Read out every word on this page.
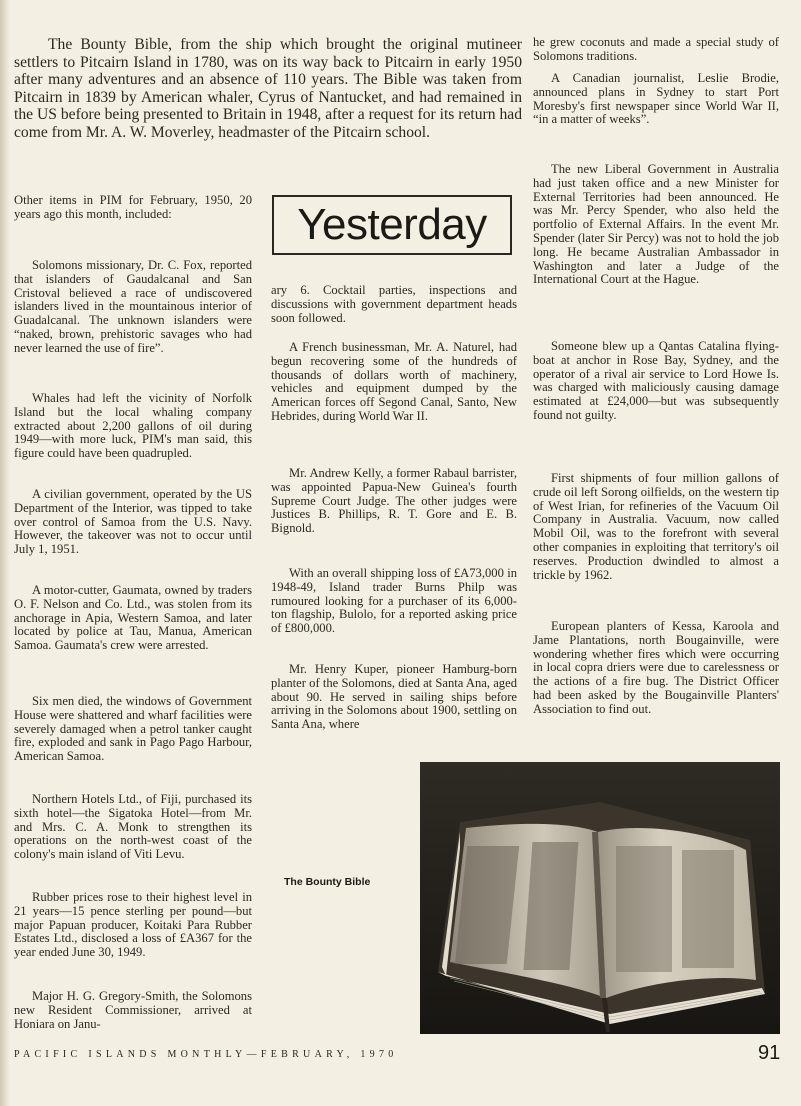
The Bounty Bible, from the ship which brought the original mutineer settlers to Pitcairn Island in 1780, was on its way back to Pitcairn in early 1950 after many adventures and an absence of 110 years. The Bible was taken from Pitcairn in 1839 by American whaler, Cyrus of Nantucket, and had remained in the US before being presented to Britain in 1948, after a request for its return had come from Mr. A. W. Moverley, headmaster of the Pitcairn school.

Yesterday

Other items in PIM for February, 1950, 20 years ago this month, included:

Solomons missionary, Dr. C. Fox, reported that islanders of Gaudalcanal and San Cristoval believed a race of undiscovered islanders lived in the mountainous interior of Guadalcanal. The unknown islanders were “naked, brown, prehistoric savages who had never learned the use of fire”.

Whales had left the vicinity of Norfolk Island but the local whaling company extracted about 2,200 gallons of oil during 1949—with more luck, PIM's man said, this figure could have been quadrupled.

A civilian government, operated by the US Department of the Interior, was tipped to take over control of Samoa from the U.S. Navy. However, the takeover was not to occur until July 1, 1951.

A motor-cutter, Gaumata, owned by traders O. F. Nelson and Co. Ltd., was stolen from its anchorage in Apia, Western Samoa, and later located by police at Tau, Manua, American Samoa. Gaumata's crew were arrested.

Six men died, the windows of Government House were shattered and wharf facilities were severely damaged when a petrol tanker caught fire, exploded and sank in Pago Pago Harbour, American Samoa.

Northern Hotels Ltd., of Fiji, purchased its sixth hotel—the Sigatoka Hotel—from Mr. and Mrs. C. A. Monk to strengthen its operations on the north-west coast of the colony's main island of Viti Levu.

Rubber prices rose to their highest level in 21 years—15 pence sterling per pound—but major Papuan producer, Koitaki Para Rubber Estates Ltd., disclosed a loss of £A367 for the year ended June 30, 1949.

Major H. G. Gregory-Smith, the Solomons new Resident Commissioner, arrived at Honiara on Janu-

ary 6. Cocktail parties, inspections and discussions with government department heads soon followed.

A French businessman, Mr. A. Naturel, had begun recovering some of the hundreds of thousands of dollars worth of machinery, vehicles and equipment dumped by the American forces off Segond Canal, Santo, New Hebrides, during World War II.

Mr. Andrew Kelly, a former Rabaul barrister, was appointed Papua-New Guinea's fourth Supreme Court Judge. The other judges were Justices B. Phillips, R. T. Gore and E. B. Bignold.

With an overall shipping loss of £A73,000 in 1948-49, Island trader Burns Philp was rumoured looking for a purchaser of its 6,000-ton flagship, Bulolo, for a reported asking price of £800,000.

Mr. Henry Kuper, pioneer Hamburg-born planter of the Solomons, died at Santa Ana, aged about 90. He served in sailing ships before arriving in the Solomons about 1900, settling on Santa Ana, where

he grew coconuts and made a special study of Solomons traditions.

A Canadian journalist, Leslie Brodie, announced plans in Sydney to start Port Moresby's first newspaper since World War II, “in a matter of weeks”.

The new Liberal Government in Australia had just taken office and a new Minister for External Territories had been announced. He was Mr. Percy Spender, who also held the portfolio of External Affairs. In the event Mr. Spender (later Sir Percy) was not to hold the job long. He became Australian Ambassador in Washington and later a Judge of the International Court at the Hague.

Someone blew up a Qantas Catalina flying-boat at anchor in Rose Bay, Sydney, and the operator of a rival air service to Lord Howe Is. was charged with maliciously causing damage estimated at £24,000—but was subsequently found not guilty.

First shipments of four million gallons of crude oil left Sorong oilfields, on the western tip of West Irian, for refineries of the Vacuum Oil Company in Australia. Vacuum, now called Mobil Oil, was to the forefront with several other companies in exploiting that territory's oil reserves. Production dwindled to almost a trickle by 1962.

European planters of Kessa, Karoola and Jame Plantations, north Bougainville, were wondering whether fires which were occurring in local copra driers were due to carelessness or the actions of a fire bug. The District Officer had been asked by the Bougainville Planters' Association to find out.

The Bounty Bible
PACIFIC ISLANDS MONTHLY—FEBRUARY, 1970	91
